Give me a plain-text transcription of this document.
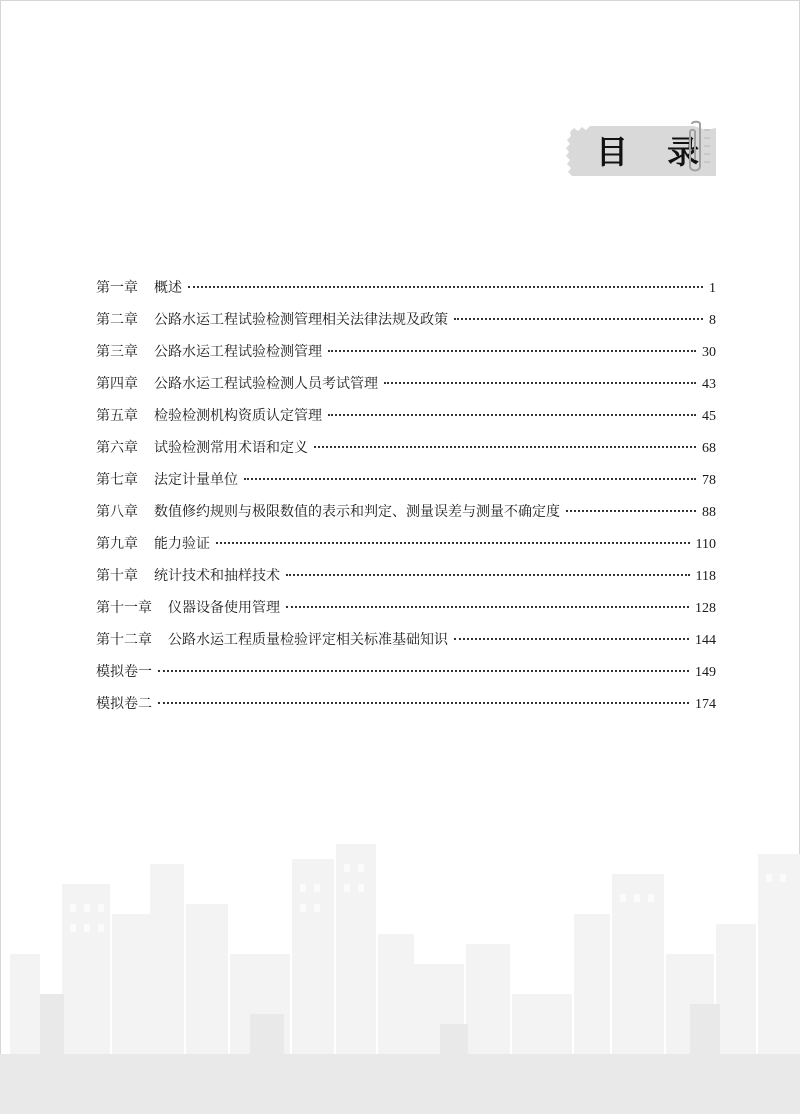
目 录
第一章 概述	1
第二章 公路水运工程试验检测管理相关法律法规及政策	8
第三章 公路水运工程试验检测管理	30
第四章 公路水运工程试验检测人员考试管理	43
第五章 检验检测机构资质认定管理	45
第六章 试验检测常用术语和定义	68
第七章 法定计量单位	78
第八章 数值修约规则与极限数值的表示和判定、测量误差与测量不确定度	88
第九章 能力验证	110
第十章 统计技术和抽样技术	118
第十一章 仪器设备使用管理	128
第十二章 公路水运工程质量检验评定相关标准基础知识	144
模拟卷一	149
模拟卷二	174
